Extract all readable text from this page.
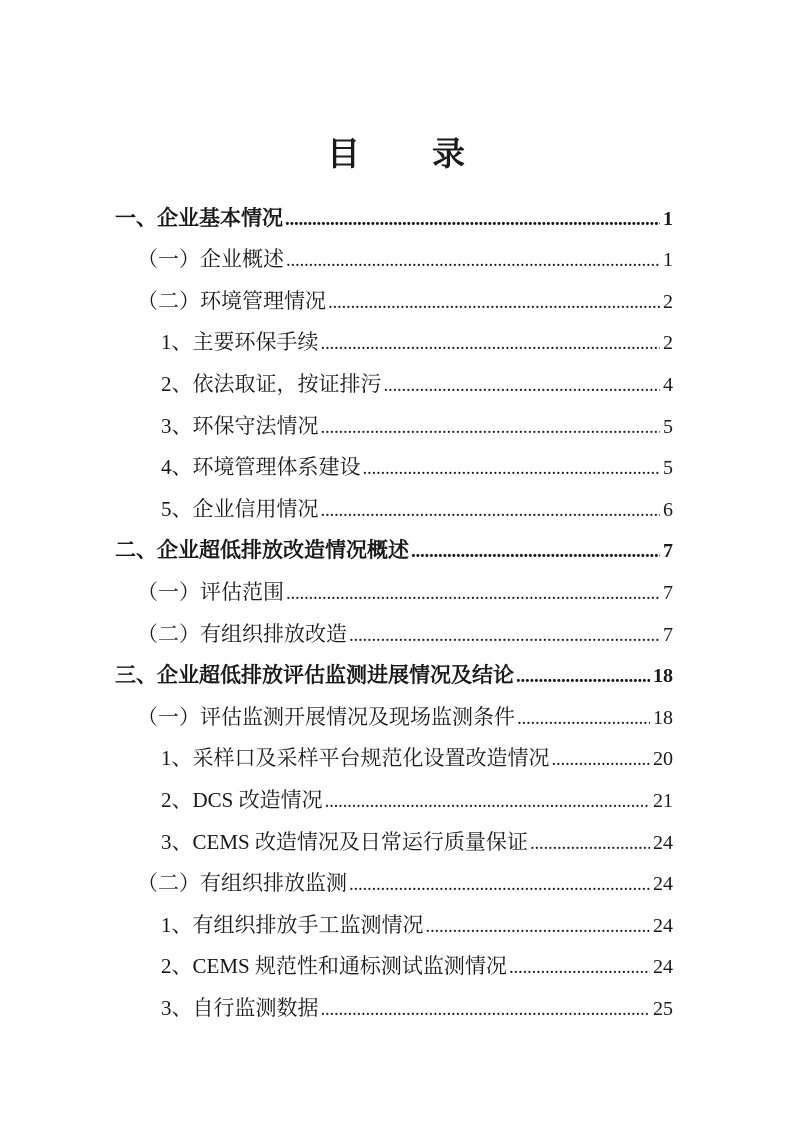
目　　录
一、企业基本情况 . . .	1
（一）企业概述 . . .	1
（二）环境管理情况 . . .	2
1、主要环保手续 . . .	2
2、依法取证，按证排污 . . .	4
3、环保守法情况 . . .	5
4、环境管理体系建设 . . .	5
5、企业信用情况 . . .	6
二、企业超低排放改造情况概述 . . .	7
（一）评估范围 . . .	7
（二）有组织排放改造 . . .	7
三、企业超低排放评估监测进展情况及结论 . . .	18
（一）评估监测开展情况及现场监测条件 . . .	18
1、采样口及采样平台规范化设置改造情况 . . .	20
2、DCS 改造情况 . . .	21
3、CEMS 改造情况及日常运行质量保证 . . .	24
（二）有组织排放监测 . . .	24
1、有组织排放手工监测情况 . . .	24
2、CEMS 规范性和通标测试监测情况 . . .	24
3、自行监测数据 . . .	25
